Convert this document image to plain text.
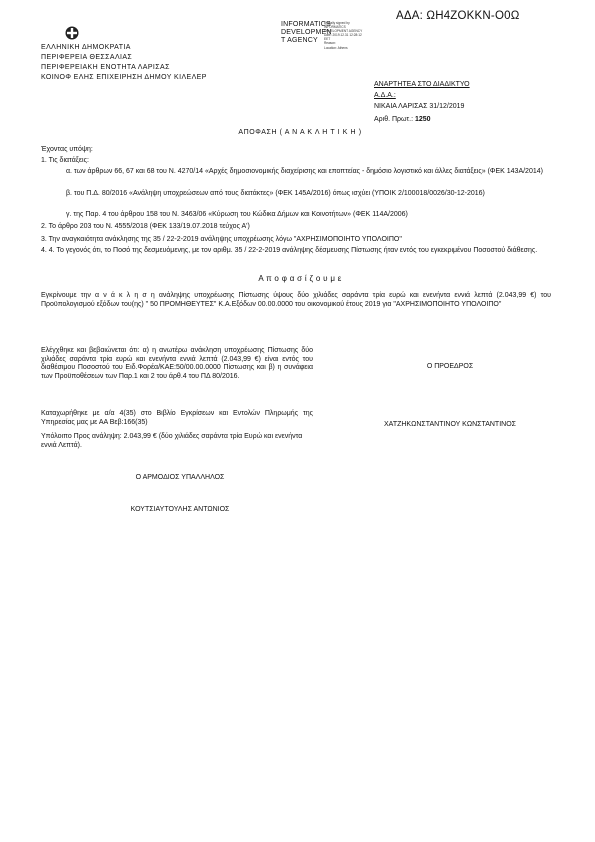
ΑΔΑ: ΩΗ4ΖΟΚΚΝ-Ο0Ω
ΕΛΛΗΝΙΚΗ ΔΗΜΟΚΡΑΤΙΑ
ΠΕΡΙΦΕΡΕΙΑ ΘΕΣΣΑΛΙΑΣ
ΠΕΡΙΦΕΡΕΙΑΚΗ ΕΝΟΤΗΤΑ ΛΑΡΙΣΑΣ
ΚΟΙΝΟΦ ΕΛΗΣ ΕΠΙΧΕΙΡΗΣΗ ΔΗΜΟΥ ΚΙΛΕΛΕΡ
INFORMATICS
DEVELOPMEN
T AGENCY
Digitally signed by
INFORMATICS
DEVELOPMENT AGENCY
Date: 2019.12.31 12:28:12
EET
Reason:
Location: Athens
ΑΝΑΡΤΗΤΕΑ ΣΤΟ ΔΙΑΔΙΚΤΥΟ
Α.Δ.Α.:
ΝΙΚΑΙΑ ΛΑΡΙΣΑΣ 31/12/2019
Αριθ. Πρωτ.: 1250
ΑΠΟΦΑΣΗ ( Α Ν Α Κ Λ Η Τ Ι Κ Η )
Έχοντας υπόψη:
1. Τις διατάξεις:
α. των άρθρων 66, 67 και 68 του Ν. 4270/14 «Αρχές δημοσιονομικής διαχείρισης και εποπτείας - δημόσιο λογιστικό και άλλες διατάξεις» (ΦΕΚ 143Α/2014)
β. του Π.Δ. 80/2016 «Ανάληψη υποχρεώσεων από τους διατάκτες» (ΦΕΚ 145Α/2016) όπως ισχύει (ΥΠΟΙΚ 2/100018/0026/30-12-2016)
γ. της Παρ. 4 του άρθρου 158 του Ν. 3463/06 «Κύρωση του Κώδικα Δήμων και Κοινοτήτων» (ΦΕΚ 114Α/2006)
2. Το άρθρο 203 του Ν. 4555/2018 (ΦΕΚ 133/19.07.2018 τεύχος Α')
3. Την αναγκαιότητα ανάκλησης της 35 / 22-2-2019 ανάληψης υποχρέωσης λόγω "ΑΧΡΗΣΙΜΟΠΟΙΗΤΟ ΥΠΟΛΟΙΠΟ"
4. 4. Το γεγονός ότι, το Ποσό της δεσμευόμενης, με τον αριθμ. 35 / 22-2-2019 ανάληψης δέσμευσης Πίστωσης ήταν εντός του εγκεκριμένου Ποσοστού διάθεσης.
Α π ο φ α σ ί ζ ο υ μ ε
Εγκρίνουμε την α ν ά κ λ η σ η ανάληψης υποχρέωσης Πίστωσης ύψους δύο χιλιάδες σαράντα τρία ευρώ και ενενήντα εννιά λεπτά (2.043,99 €) του Προϋπολογισμού εξόδων του(ης) " 50 ΠΡΟΜΗΘΕΥΤΕΣ" Κ.Α.Εξόδων 00.00.0000 του οικονομικού έτους 2019 για "ΑΧΡΗΣΙΜΟΠΟΙΗΤΟ ΥΠΟΛΟΙΠΟ"
Ελέγχθηκε και βεβαιώνεται ότι: α) η ανωτέρω ανάκληση υποχρέωσης Πίστωσης δύο χιλιάδες σαράντα τρία ευρώ και ενενήντα εννιά λεπτά (2.043,99 €) είναι εντός του διαθέσιμου Ποσοστού του Ειδ.Φορέα/ΚΑΕ:50/00.00.0000 Πίστωσης και β) η συνάφεια των Προϋποθέσεων των Παρ.1 και 2 του άρθ.4 του ΠΔ 80/2016.
Καταχωρήθηκε με α/α 4(35) στο Βιβλίο Εγκρίσεων και Εντολών Πληρωμής της Υπηρεσίας μας με ΑΑ Βεβ:166(35)
Υπόλοιπο Προς ανάληψη: 2.043,99 € (δύο χιλιάδες σαράντα τρία Ευρώ και ενενήντα εννιά Λεπτά).
Ο ΠΡΟΕΔΡΟΣ
ΧΑΤΖΗΚΩΝΣΤΑΝΤΙΝΟΥ ΚΩΝΣΤΑΝΤΙΝΟΣ
Ο ΑΡΜΟΔΙΟΣ ΥΠΑΛΛΗΛΟΣ
ΚΟΥΤΣΙΑΥΤΟΥΛΗΣ ΑΝΤΩΝΙΟΣ
